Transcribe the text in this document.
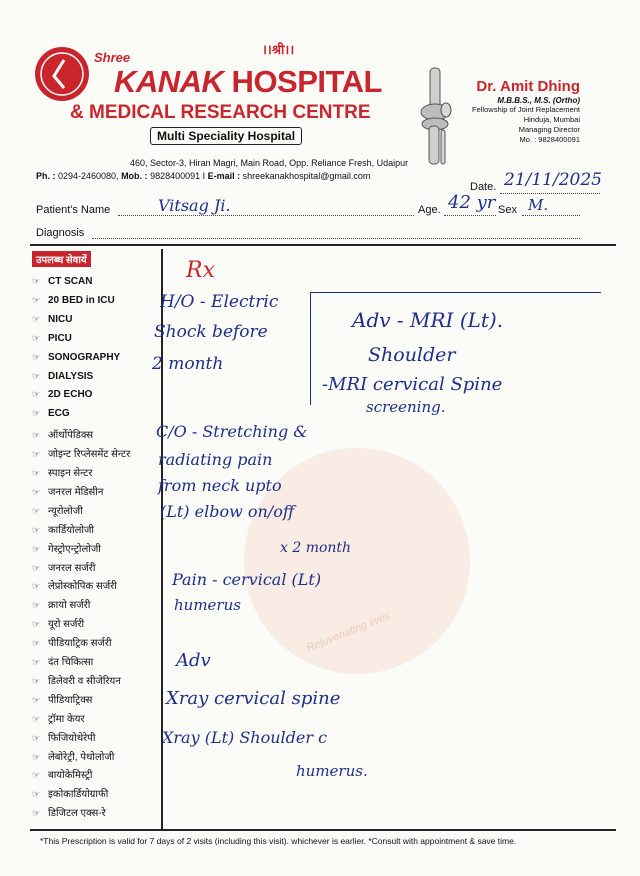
Rejuvenating lives
Shree
।।श्री।।
KANAK HOSPITAL
& MEDICAL RESEARCH CENTRE
Multi Speciality Hospital
460, Sector-3, Hiran Magri, Main Road, Opp. Reliance Fresh, Udaipur
Ph. : 0294-2460080, Mob. : 9828400091 I E-mail : shreekanakhospital@gmail.com
Dr. Amit Dhing
M.B.B.S., M.S. (Ortho)
Fellowship of Joint Replacement
Hinduja, Mumbai
Managing Director
Mo. : 9828400091
Date. 21/11/2025
Patient's Name	Vitsag Ji.	Age. 42 yr Sex M.
Diagnosis
उपलब्ध सेवायें
☞ CT SCAN
☞ 20 BED in ICU
☞ NICU
☞ PICU
☞ SONOGRAPHY
☞ DIALYSIS
☞ 2D ECHO
☞ ECG
☞ ऑर्थोपेडिक्स
☞ जोइन्ट रिप्लेसमेंट सेन्टर
☞ स्पाइन सेन्टर
☞ जनरल मेडिसीन
☞ न्यूरोलोजी
☞ कार्डियोलोजी
☞ गेस्ट्रोएन्ट्रोलोजी
☞ जनरल सर्जरी
☞ लेप्रोस्कोपिक सर्जरी
☞ क्रायो सर्जरी
☞ यूरो सर्जरी
☞ पीडियाट्रिक सर्जरी
☞ दंत चिकित्सा
☞ डिलेवरी व सीजेरियन
☞ पीडियाट्रिक्स
☞ ट्रॉमा केयर
☞ फिजियोथेरेपी
☞ लेबोरेट्री, पेथोलोजी
☞ बायोकेमिस्ट्री
☞ इकोकार्डियोग्राफी
☞ डिजिटल एक्स-रे
Rx
Adv - MRI (Lt).
Shoulder
-MRI cervical Spine
screening.
H/O - Electric
Shock before
2 month
C/O - Stretching &
radiating pain
from neck upto
(Lt) elbow on/off
x 2 month
Pain - cervical (Lt)
humerus
Adv
Xray cervical spine
Xray (Lt) Shoulder c
humerus.
*This Prescription is valid for 7 days of 2 visits (including this visit). whichever is earlier. *Consult with appointment & save time.
